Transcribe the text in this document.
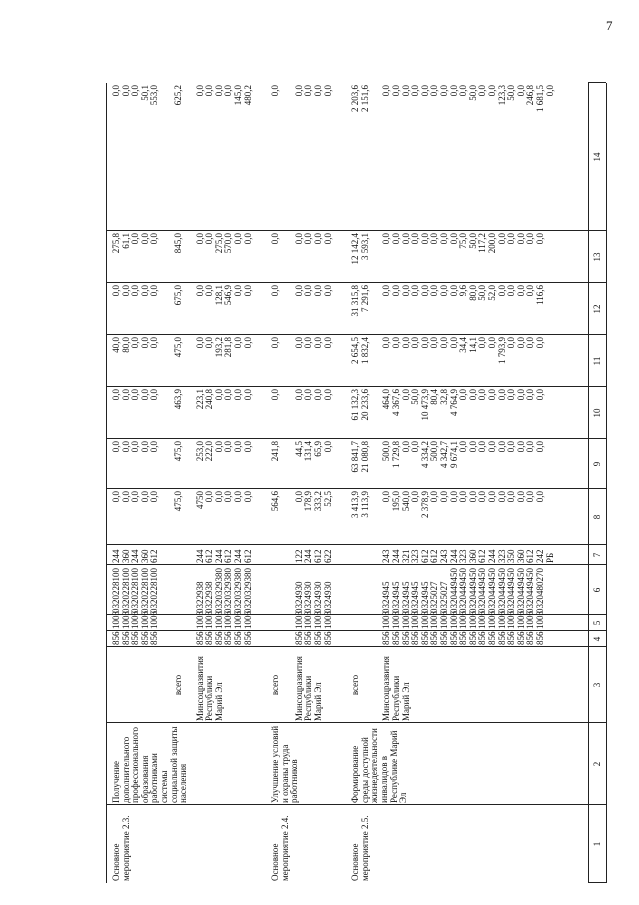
7
1
2
3
4
5
6
7
8
9
10
11
12
13
14
Основное мероприятие 2.3.
Получение дополнительного профессионального образования работниками системы социальной защиты населения
856 856 856 856 856
1003 1003 1006 1006 1006
0320228100 0320228100 0320228100 0320228100 0320228100
244 360 244 360 612
0,0 0,0 0,0 0,0 0,0
0,0 0,0 0,0 0,0 0,0
0,0 0,0 0,0 0,0 0,0
40,0 80,0 0,0 0,0 0,0
0,0 0,0 0,0 0,0 0,0
275,8 61,1 0,0 0,0 0,0
0,0 0,0 0,0 50,1 553,0
всего
475,0
475,0
463,9
475,0
675,0
845,0
625,2
Минсоцразвития Республики Марий Эл
856 856 856 856 856 856
1003 1003 1003 1006 1006 1006
0322938 0322938 0320329380 0320329380 0320329380 0320329380
244 612 244 612 244 612
4750 0,0 0,0 0,0 0,0 0,0
253,0 222,0 0,0 0,0 0,0 0,0
223,1 240,8 0,0 0,0 0,0 0,0
0,0 0,0 193,2 281,8 0,0 0,0
0,0 0,0 128,1 546,9 0,0 0,0
0,0 0,0 275,0 570,0 0,0 0,0
0,0 0,0 0,0 0,0 145,0 480,2
Основное мероприятие 2.4.
Улучшение условий и охраны труда работников
всего
564,6
241,8
0,0
0,0
0,0
0,0
0,0
Минсоцразвития Республики Марий Эл
856 856 856 856
1003 1003 1003 1003
0324930 0324930 0324930 0324930
122 244 612 622
0,0 178,9 333,2 52,5
44,5 131,4 65,9 0,0
0,0 0,0 0,0 0,0
0,0 0,0 0,0 0,0
0,0 0,0 0,0 0,0
0,0 0,0 0,0 0,0
0,0 0,0 0,0 0,0
Основное мероприятие 2.5.
Формирование среды доступной жизнедеятельности инвалидов в Республике Марий Эл
всего
3 413,9 3 113,9
63 841,7 21 080,8
61 132,3 20 233,6
2 654,5 1 832,4
31 315,8 7 291,6
12 142,4 3 593,1
2 203,6 2 151,6
Минсоцразвития Республики Марий Эл
856 856 856 856 856 856 856 856 856 856 856 856 856 856 856 856 856
1003 1003 1003 1003 1003 1003 1006 1006 1006 1006 1006 1006 1006 1006 1006 1006 1003
0324945 0324945 0324945 0324945 0324945 0325027 0325027 0320449450 0320449450 0320449450 0320449450 0320449450 0320449450 0320449450 0320449450 0320449450 0320480270
243 244 321 323 612 612 243 244 323 360 612 244 323 350 360 612 242 РБ
0,0 195,0 540,0 0,0 2 378,9 0,0 0,0 0,0 0,0 0,0 0,0 0,0 0,0 0,0 0,0 0,0 0,0
500,0 1 729,8 0,0 0,0 4 334,2 500,0 4 342,7 9 674,1 0,0 0,0 0,0 0,0 0,0 0,0 0,0 0,0 0,0
464,0 4 367,6 0,0 50,0 10 473,9 80,4 32,8 4 764,9 0,0 0,0 0,0 0,0 0,0 0,0 0,0 0,0 0,0
0,0 0,0 0,0 0,0 0,0 0,0 0,0 0,0 34,4 14,1 0,0 0,0 1 793,9 0,0 0,0 0,0 0,0
0,0 0,0 0,0 0,0 0,0 0,0 0,0 0,0 9,6 80,0 50,0 52,0 0,0 0,0 0,0 0,0 116,6
0,0 0,0 0,0 0,0 0,0 0,0 0,0 0,0 75,0 50,0 117,2 200,0 0,0 0,0 0,0 0,0 0,0
0,0 0,0 0,0 0,0 0,0 0,0 0,0 0,0 0,0 50,0 0,0 0,0 123,3 50,0 0,0 246,8 1 681,5 0,0
